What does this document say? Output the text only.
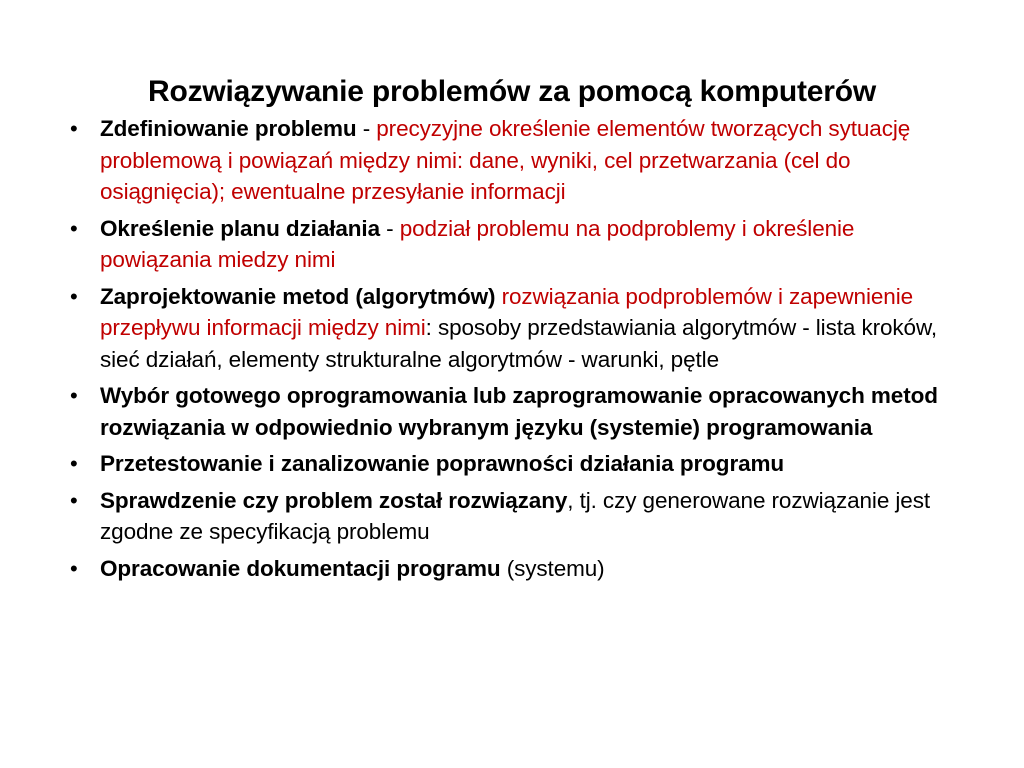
Rozwiązywanie problemów za pomocą komputerów
• Zdefiniowanie problemu - precyzyjne określenie elementów tworzących sytuację problemową i powiązań między nimi: dane, wyniki, cel przetwarzania (cel do osiągnięcia); ewentualne przesyłanie informacji
• Określenie planu działania - podział problemu na podproblemy i określenie powiązania miedzy nimi
• Zaprojektowanie metod (algorytmów) rozwiązania podproblemów i zapewnienie przepływu informacji między nimi: sposoby przedstawiania algorytmów - lista kroków, sieć działań, elementy strukturalne algorytmów - warunki, pętle
• Wybór gotowego oprogramowania lub zaprogramowanie opracowanych metod rozwiązania w odpowiednio wybranym języku (systemie) programowania
• Przetestowanie i zanalizowanie poprawności działania programu
• Sprawdzenie czy problem został rozwiązany, tj. czy generowane rozwiązanie jest zgodne ze specyfikacją problemu
• Opracowanie dokumentacji programu (systemu)
